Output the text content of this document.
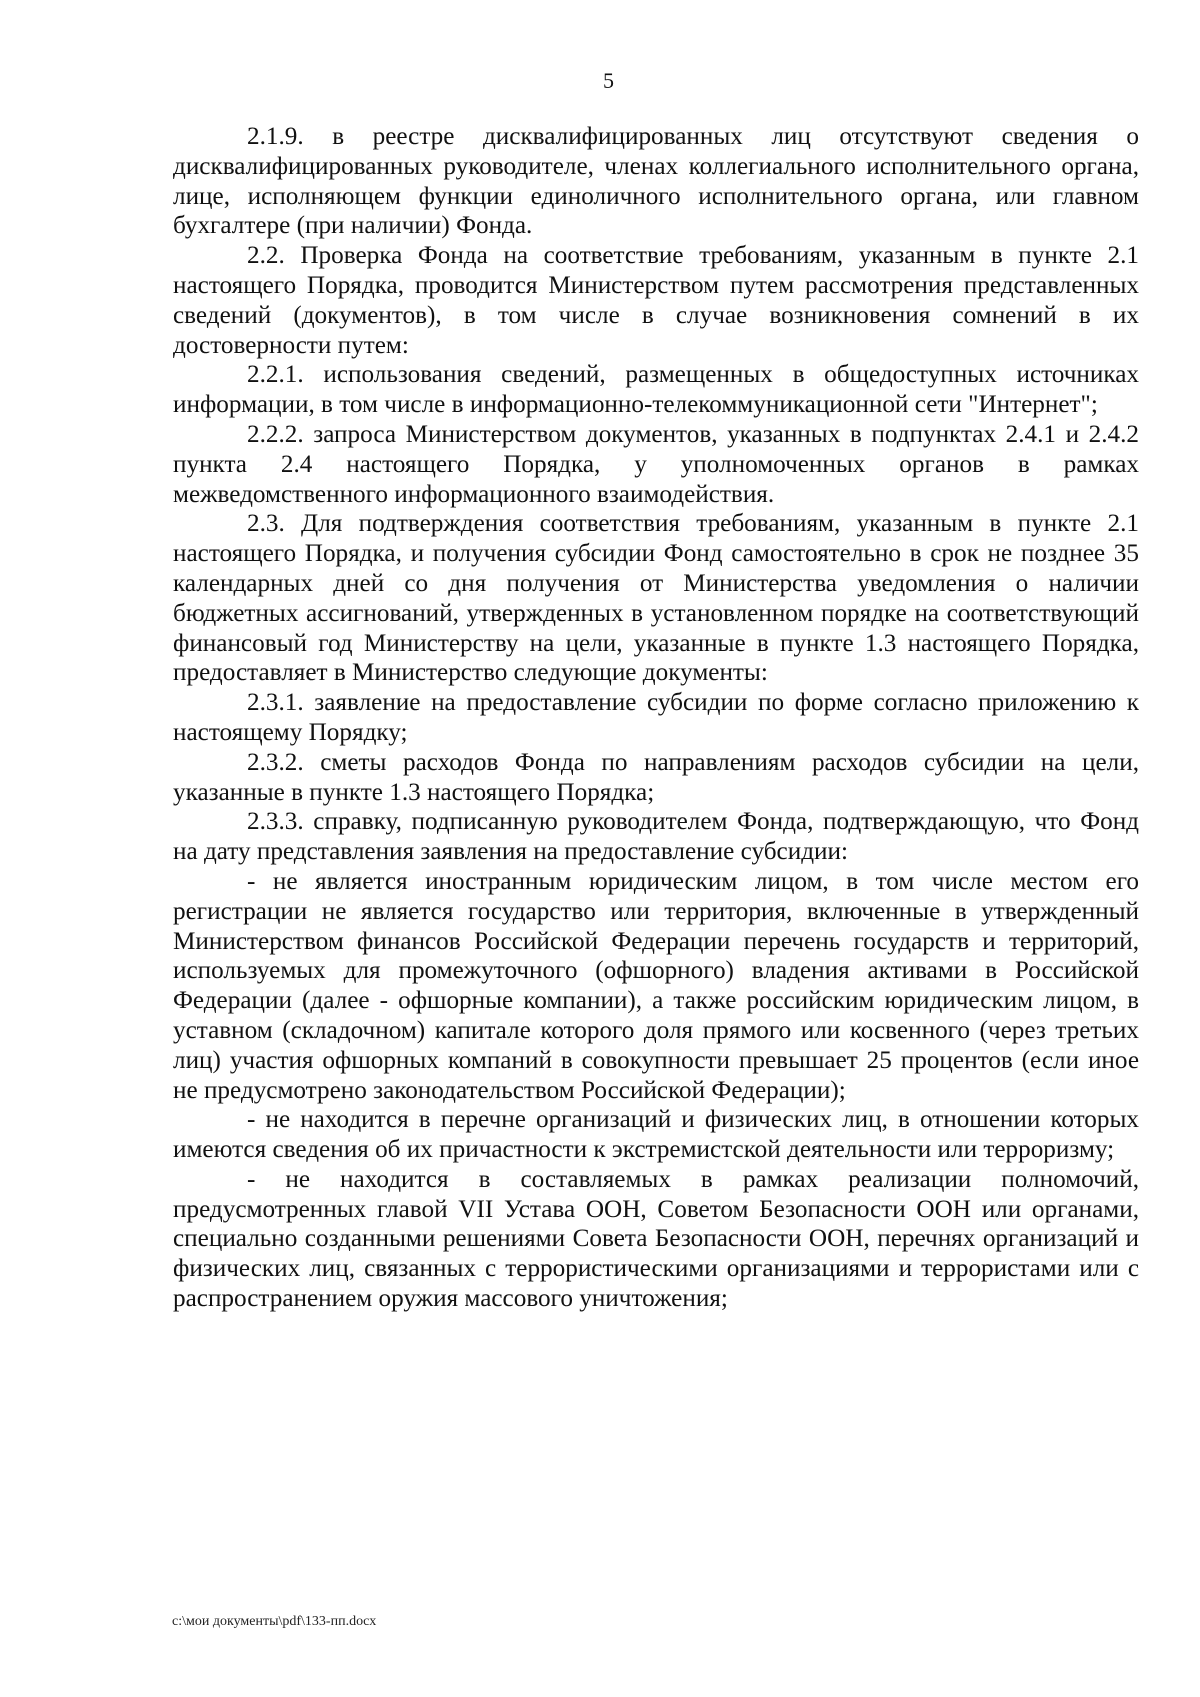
5

2.1.9. в реестре дисквалифицированных лиц отсутствуют сведения о дисквалифицированных руководителе, членах коллегиального исполнительного органа, лице, исполняющем функции единоличного исполнительного органа, или главном бухгалтере (при наличии) Фонда.

2.2. Проверка Фонда на соответствие требованиям, указанным в пункте 2.1 настоящего Порядка, проводится Министерством путем рассмотрения представленных сведений (документов), в том числе в случае возникновения сомнений в их достоверности путем:

2.2.1. использования сведений, размещенных в общедоступных источниках информации, в том числе в информационно-телекоммуникационной сети "Интернет";

2.2.2. запроса Министерством документов, указанных в подпунктах 2.4.1 и 2.4.2 пункта 2.4 настоящего Порядка, у уполномоченных органов в рамках межведомственного информационного взаимодействия.

2.3. Для подтверждения соответствия требованиям, указанным в пункте 2.1 настоящего Порядка, и получения субсидии Фонд самостоятельно в срок не позднее 35 календарных дней со дня получения от Министерства уведомления о наличии бюджетных ассигнований, утвержденных в установленном порядке на соответствующий финансовый год Министерству на цели, указанные в пункте 1.3 настоящего Порядка, предоставляет в Министерство следующие документы:

2.3.1. заявление на предоставление субсидии по форме согласно приложению к настоящему Порядку;

2.3.2. сметы расходов Фонда по направлениям расходов субсидии на цели, указанные в пункте 1.3 настоящего Порядка;

2.3.3. справку, подписанную руководителем Фонда, подтверждающую, что Фонд на дату представления заявления на предоставление субсидии:

- не является иностранным юридическим лицом, в том числе местом его регистрации не является государство или территория, включенные в утвержденный Министерством финансов Российской Федерации перечень государств и территорий, используемых для промежуточного (офшорного) владения активами в Российской Федерации (далее - офшорные компании), а также российским юридическим лицом, в уставном (складочном) капитале которого доля прямого или косвенного (через третьих лиц) участия офшорных компаний в совокупности превышает 25 процентов (если иное не предусмотрено законодательством Российской Федерации);

- не находится в перечне организаций и физических лиц, в отношении которых имеются сведения об их причастности к экстремистской деятельности или терроризму;

- не находится в составляемых в рамках реализации полномочий, предусмотренных главой VII Устава ООН, Советом Безопасности ООН или органами, специально созданными решениями Совета Безопасности ООН, перечнях организаций и физических лиц, связанных с террористическими организациями и террористами или с распространением оружия массового уничтожения;

c:\мои документы\pdf\133-пп.docx
